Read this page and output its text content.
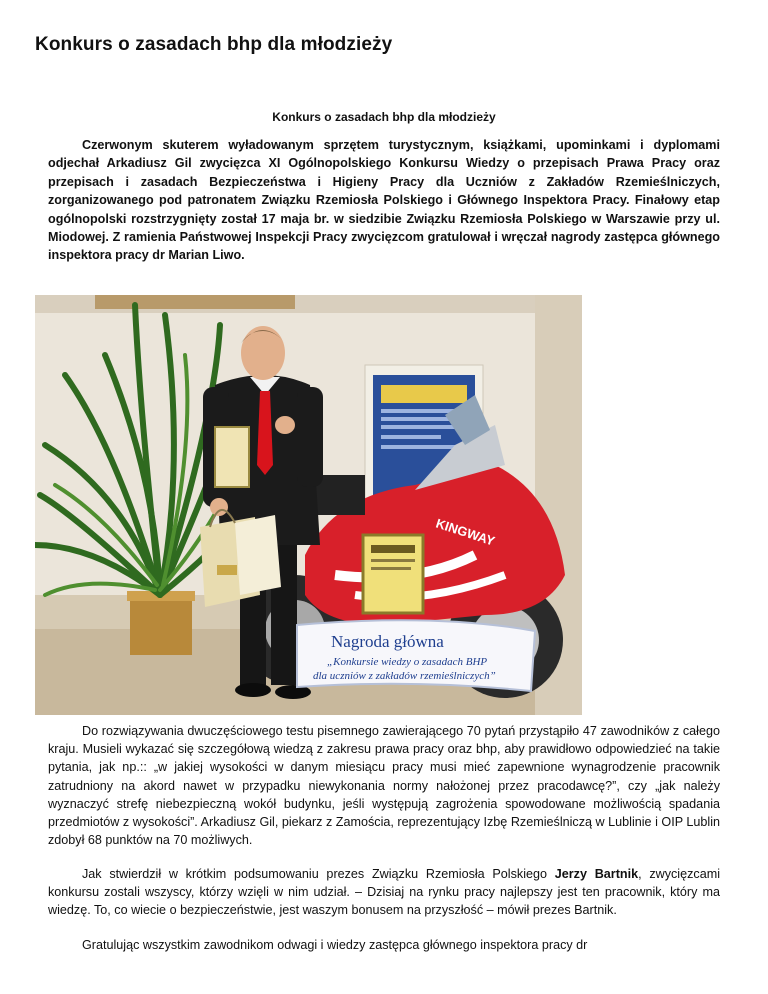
Konkurs o zasadach bhp dla młodzieży
Konkurs o zasadach bhp dla młodzieży

Czerwonym skuterem wyładowanym sprzętem turystycznym, książkami, upominkami i dyplomami odjechał Arkadiusz Gil zwycięzca XI Ogólnopolskiego Konkursu Wiedzy o przepisach Prawa Pracy oraz przepisach i zasadach Bezpieczeństwa i Higieny Pracy dla Uczniów z Zakładów Rzemieślniczych, zorganizowanego pod patronatem Związku Rzemiosła Polskiego i Głównego Inspektora Pracy. Finałowy etap ogólnopolski rozstrzygnięty został 17 maja br. w siedzibie Związku Rzemiosła Polskiego w Warszawie przy ul. Miodowej. Z ramienia Państwowej Inspekcji Pracy zwycięzcom gratulował i wręczał nagrody zastępca głównego inspektora pracy dr Marian Liwo.

KINGWAY
Nagroda główna
„Konkursie wiedzy o zasadach BHP
dla uczniów z zakładów rzemieślniczych”

Do rozwiązywania dwuczęściowego testu pisemnego zawierającego 70 pytań przystąpiło 47 zawodników z całego kraju. Musieli wykazać się szczegółową wiedzą z zakresu prawa pracy oraz bhp, aby prawidłowo odpowiedzieć na takie pytania, jak np.:: „w jakiej wysokości w danym miesiącu pracy musi mieć zapewnione wynagrodzenie pracownik zatrudniony na akord nawet w przypadku niewykonania normy nałożonej przez pracodawcę?”, czy „jak należy wyznaczyć strefę niebezpieczną wokół budynku, jeśli występują zagrożenia spowodowane możliwością spadania przedmiotów z wysokości”. Arkadiusz Gil, piekarz z Zamościa, reprezentujący Izbę Rzemieślniczą w Lublinie i OIP Lublin zdobył 68 punktów na 70 możliwych.

Jak stwierdził w krótkim podsumowaniu prezes Związku Rzemiosła Polskiego Jerzy Bartnik, zwycięzcami konkursu zostali wszyscy, którzy wzięli w nim udział. – Dzisiaj na rynku pracy najlepszy jest ten pracownik, który ma wiedzę. To, co wiecie o bezpieczeństwie, jest waszym bonusem na przyszłość – mówił prezes Bartnik.

Gratulując wszystkim zawodnikom odwagi i wiedzy zastępca głównego inspektora pracy dr
